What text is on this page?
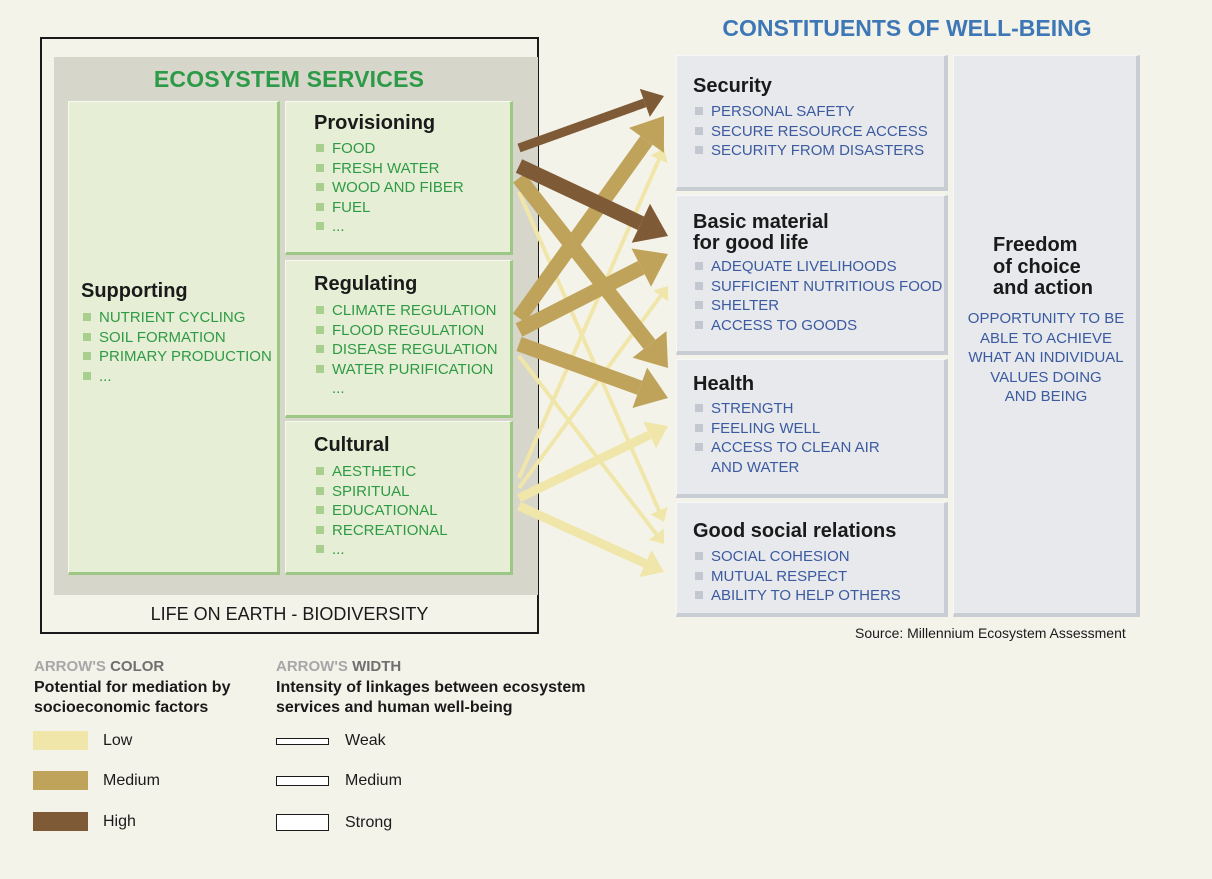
ECOSYSTEM SERVICES
Supporting
NUTRIENT CYCLING
SOIL FORMATION
PRIMARY PRODUCTION
...
Provisioning
FOOD
FRESH WATER
WOOD AND FIBER
FUEL
...
Regulating
CLIMATE REGULATION
FLOOD REGULATION
DISEASE REGULATION
WATER PURIFICATION
...
Cultural
AESTHETIC
SPIRITUAL
EDUCATIONAL
RECREATIONAL
...
LIFE ON EARTH - BIODIVERSITY
CONSTITUENTS OF WELL-BEING
Security
PERSONAL SAFETY
SECURE RESOURCE ACCESS
SECURITY FROM DISASTERS
Basic material
for good life
ADEQUATE LIVELIHOODS
SUFFICIENT NUTRITIOUS FOOD
SHELTER
ACCESS TO GOODS
Health
STRENGTH
FEELING WELL
ACCESS TO CLEAN AIR
AND WATER
Good social relations
SOCIAL COHESION
MUTUAL RESPECT
ABILITY TO HELP OTHERS
Freedom
of choice
and action
OPPORTUNITY TO BE
ABLE TO ACHIEVE
WHAT AN INDIVIDUAL
VALUES DOING
AND BEING
Source: Millennium Ecosystem Assessment
ARROW'S COLOR
Potential for mediation by
socioeconomic factors
Low
Medium
High
ARROW'S WIDTH
Intensity of linkages between ecosystem
services and human well-being
Weak
Medium
Strong
